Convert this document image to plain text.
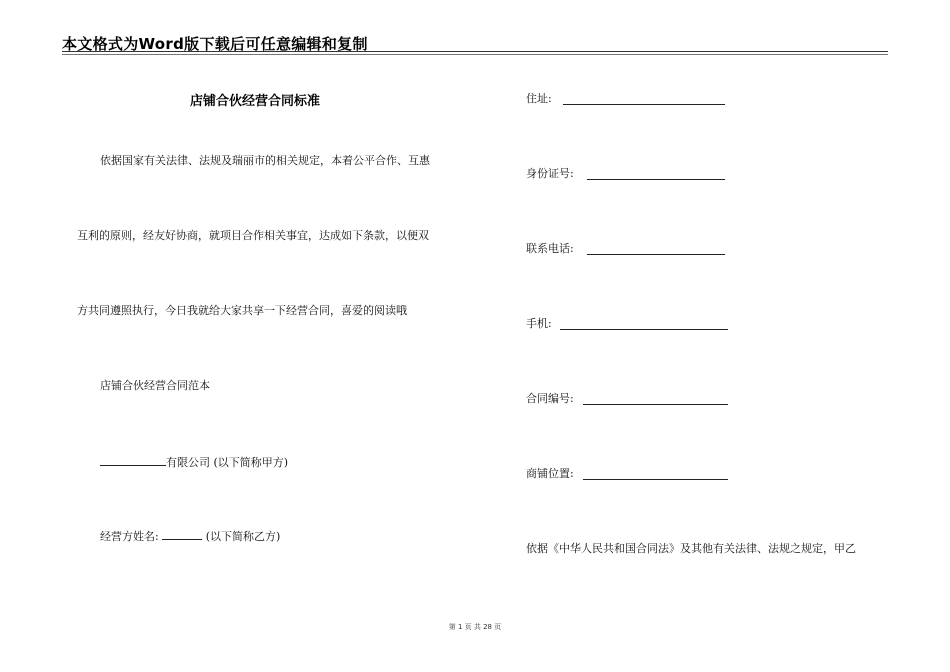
本文格式为Word版下载后可任意编辑和复制
店铺合伙经营合同标准
依据国家有关法律、法规及瑞丽市的相关规定，本着公平合作、互惠
互利的原则，经友好协商，就项目合作相关事宜，达成如下条款，以便双
方共同遵照执行，今日我就给大家共享一下经营合同，喜爱的阅读哦
店铺合伙经营合同范本
有限公司 (以下简称甲方)
经营方姓名:	(以下简称乙方)
住址:
身份证号:
联系电话:
手机:
合同编号:
商铺位置:
依据《中华人民共和国合同法》及其他有关法律、法规之规定，甲乙
第 1 页 共 28 页
